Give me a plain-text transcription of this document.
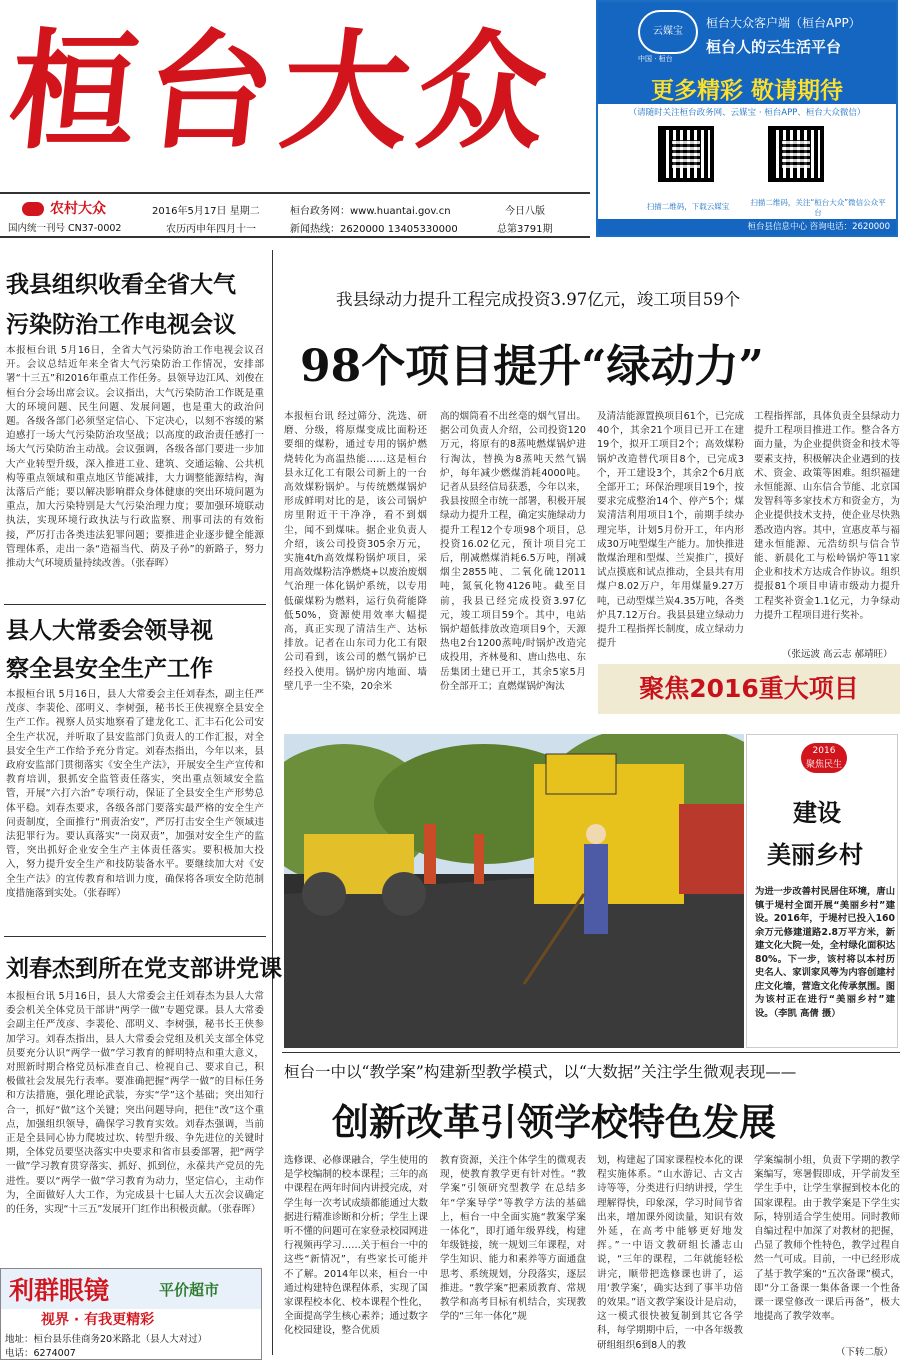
桓台大众	云媒宝
中国 · 桓台
桓台大众客户端（桓台APP）
桓台人的云生活平台
更多精彩 敬请期待
（请随时关注桓台政务网、云媒宝 · 桓台APP、桓台大众微信）
扫描二维码，下载云媒宝	扫描二维码，关注“桓台大众”微信公众平台
桓台县信息中心 咨询电话：2620000
农村大众
国内统一刊号 CN37-0002
2016年5月17日 星期二
农历丙申年四月十一
桓台政务网：www.huantai.gov.cn
新闻热线：2620000 13405330000
今日八版
总第3791期
我县组织收看全省大气
污染防治工作电视会议
本报桓台讯 5月16日，全省大气污染防治工作电视会议召开。会议总结近年来全省大气污染防治工作情况，安排部署“十三五”和2016年重点工作任务。县领导边江风、刘俊在桓台分会场出席会议。会议指出，大气污染防治工作既是重大的环境问题、民生问题、发展问题，也是重大的政治问题。各级各部门必须坚定信心、下定决心，以刻不容缓的紧迫感打一场大气污染防治攻坚战；以高度的政治责任感打一场大气污染防治主动战。会议强调，各级各部门要进一步加大产业转型升级，深入推进工业、建筑、交通运输、公共机构等重点领域和重点地区节能减排，大力调整能源结构，淘汰落后产能；要以解决影响群众身体健康的突出环境问题为重点，加大污染特别是大气污染治理力度；要加强环境联动执法，实现环境行政执法与行政监察、刑事司法的有效衔接，严厉打击各类违法犯罪问题；要推进企业逐步健全能源管理体系，走出一条“造福当代、荫及子孙”的新路子，努力推动大气环境质量持续改善。（张春晖）
县人大常委会领导视
察全县安全生产工作
本报桓台讯 5月16日，县人大常委会主任刘春杰，副主任严茂彦、李裴伦、邵明义、李树强，秘书长王侠视察全县安全生产工作。视察人员实地察看了建龙化工、汇丰石化公司安全生产状况，并听取了县安监部门负责人的工作汇报，对全县安全生产工作给予充分肯定。刘春杰指出，今年以来，县政府安监部门贯彻落实《安全生产法》，开展安全生产宣传和教育培训，狠抓安全监管责任落实，突出重点领域安全监管，开展“六打六治”专项行动，保证了全县安全生产形势总体平稳。刘春杰要求，各级各部门要落实最严格的安全生产问责制度，全面推行“刑责治安”，严厉打击安全生产领域违法犯罪行为。要认真落实“一岗双责”，加强对安全生产的监管，突出抓好企业安全生产主体责任落实。要积极加大投入，努力提升安全生产和技防装备水平。要继续加大对《安全生产法》的宣传教育和培训力度，确保将各项安全防范制度措施落到实处。（张春晖）
刘春杰到所在党支部讲党课
本报桓台讯 5月16日，县人大常委会主任刘春杰为县人大常委会机关全体党员干部讲“两学一做”专题党课。县人大常委会副主任严茂彦、李裴伦、邵明义、李树强，秘书长王侠参加学习。刘春杰指出，县人大常委会党组及机关支部全体党员要充分认识“两学一做”学习教育的鲜明特点和重大意义，对照新时期合格党员标准查自己、检视自己、要求自己，积极做社会发展先行表率。要准确把握“两学一做”的目标任务和方法措施，强化理论武装，夯实“学”这个基础；突出知行合一，抓好“做”这个关键；突出问题导向，把住“改”这个重点，加强组织领导，确保学习教育实效。刘春杰强调，当前正是全县同心协力爬坡过坎、转型升级、争先进位的关键时期，全体党员要坚决落实中央要求和省市县委部署，把“两学一做”学习教育贯穿落实、抓好、抓到位，永葆共产党员的先进性。要以“两学一做”学习教育为动力，坚定信心，主动作为，全面做好人大工作，为完成县十七届人大五次会议确定的任务，实现“十三五”发展开门红作出积极贡献。（张春晖）
利群眼镜	平价超市
视界 · 有我更精彩
地址：桓台县乐佳商务20米路北（县人大对过）
电话：6274007
我县绿动力提升工程完成投资3.97亿元，竣工项目59个
98个项目提升“绿动力”
本报桓台讯 经过筛分、洗选、研磨、分级，将原煤变成比面粉还要细的煤粉，通过专用的锅炉燃烧转化为高温热能……这是桓台县永辽化工有限公司新上的一台高效煤粉锅炉。与传统燃煤锅炉形成鲜明对比的是，该公司锅炉房里附近干干净净，看不到烟尘，闻不到煤味。据企业负责人介绍，该公司投资305余万元，实施4t/h高效煤粉锅炉项目，采用高效煤粉洁净燃烧+以废治废烟气治理一体化锅炉系统，以专用低碳煤粉为燃料，运行负荷能降低50%，资源使用效率大幅提高，真正实现了清洁生产、达标排放。记者在山东司力化工有限公司看到，该公司的燃气锅炉已经投入使用。锅炉房内地面、墙壁几乎一尘不染，20余米
高的烟筒看不出丝毫的烟气冒出。据公司负责人介绍，公司投资120万元，将原有的8蒸吨燃煤锅炉进行淘汰，替换为8蒸吨天然气锅炉，每年减少燃煤消耗4000吨。记者从县经信局获悉，今年以来，我县按照全市统一部署，积极开展绿动力提升工程，确定实施绿动力提升工程12个专项98个项目，总投资16.02亿元，预计项目完工后，削减燃煤消耗6.5万吨，削减烟尘2855吨、二氧化硫12011吨，氮氧化物4126吨。截至目前，我县已经完成投资3.97亿元，竣工项目59个。其中，电站锅炉超低排放改造项目9个，天源热电2台1200蒸吨/时锅炉改造完成投用，齐林曼和、唐山热电、东岳集团土建已开工，其余5家5月份全部开工；直燃煤锅炉淘汰
及清洁能源置换项目61个，已完成40个，其余21个项目已开工在建19个，拟开工项目2个；高效煤粉锅炉改造替代项目8个，已完成3个，开工建设3个，其余2个6月底全部开工；环保治理项目19个，按要求完成整治14个、停产5个；煤炭清洁利用项目1个，前期手续办理完毕，计划5月份开工，年内形成30万吨型煤生产能力。加快推进散煤治理和型煤、兰炭推广，摸好试点摸底和试点推动，全县共有用煤户8.02万户，年用煤量9.27万吨，已动型煤兰炭4.35万吨，各类炉具7.12万台。我县县建立绿动力提升工程指挥长制度，成立绿动力提升
工程指挥部，具体负责全县绿动力提升工程项目推进工作。整合各方面力量，为企业提供资金和技术等要素支持，积极解决企业遇到的技术、资金、政策等困难。组织福建永恒能源、山东信合节能、北京国发智科等多家技术方和资金方，为企业提供技术支持，使企业尽快熟悉改造内容。其中，宣惠皮革与福建永恒能源、元浩纺织与信合节能、新晨化工与松岭锅炉等11家企业和技术方达成合作协议。组织提报81个项目申请市级动力提升工程奖补资金1.1亿元，力争绿动力提升工程项目进行奖补。
（张远波 高云志 郝靖旺）
聚焦2016重大项目
2016
聚焦民生
建设
美丽乡村
为进一步改善村民居住环境，唐山镇于堤村全面开展“美丽乡村”建设。2016年，于堤村已投入160余万元修建道路2.8万平方米，新建文化大院一处，全村绿化面积达80%。下一步，该村将以本村历史名人、家训家风等为内容创建村庄文化墙，营造文化传承氛围。图为该村正在进行“美丽乡村”建设。（李凯 高倩 摄）
桓台一中以“教学案”构建新型教学模式，以“大数据”关注学生微观表现——
创新改革引领学校特色发展
选修课、必修课融合，学生使用的是学校编制的校本课程；三年的高中课程在两年时间内讲授完成，对学生每一次考试成绩都能通过大数据进行精准诊断和分析；学生上课听不懂的问题可在家登录校园网进行视频再学习……关于桓台一中的这些“新情况”，有些家长可能并不了解。2014年以来，桓台一中通过构建特色课程体系，实现了国家课程校本化、校本课程个性化，全面提高学生核心素养；通过数字化校园建设，整合优质
教育资源，关注个体学生的微观表现，使教育教学更有针对性。“教学案”引领研究型教学 在总结多年“学案导学”等教学方法的基础上，桓台一中全面实施“教案学案一体化”，即打通年级界线，构建年级链接，统一规划三年课程，对学生知识、能力和素养等方面通盘思考、系统规划，分段落实，逐层推进。“教学案”把素质教育、常规教学和高考目标有机结合，实现教学的“三年一体化”规
划，构建起了国家课程校本化的课程实施体系。“山水游记、古文古诗等等，分类进行归纳讲授，学生理解得快，印象深，学习时间节省出来，增加课外阅读量，知识有效外延，在高考中能够更好地发挥。”一中语文教研组长潘志山说，“三年的课程，二年就能轻松讲完，顺带把选修课也讲了，运用‘教学案’，确实达到了事半功倍的效果。”语文教学案设计是启动，这一模式很快被复制到其它各学科，每学期期中后，一中各年级教研组组织6到8人的教
学案编制小组，负责下学期的教学案编写，寒暑假即成，开学前发至学生手中，让学生掌握到校本化的国家课程。由于教学案是下学生实际，特别适合学生使用。同时教师自编过程中加深了对教材的把握，凸显了教师个性特色，教学过程自然一气可成。目前，一中已经形成了基于教学案的“五次备课”模式，即“分工备课一集体备课一个性备课一课堂修改一课后再备”，极大地提高了教学效率。
（下转二版）
